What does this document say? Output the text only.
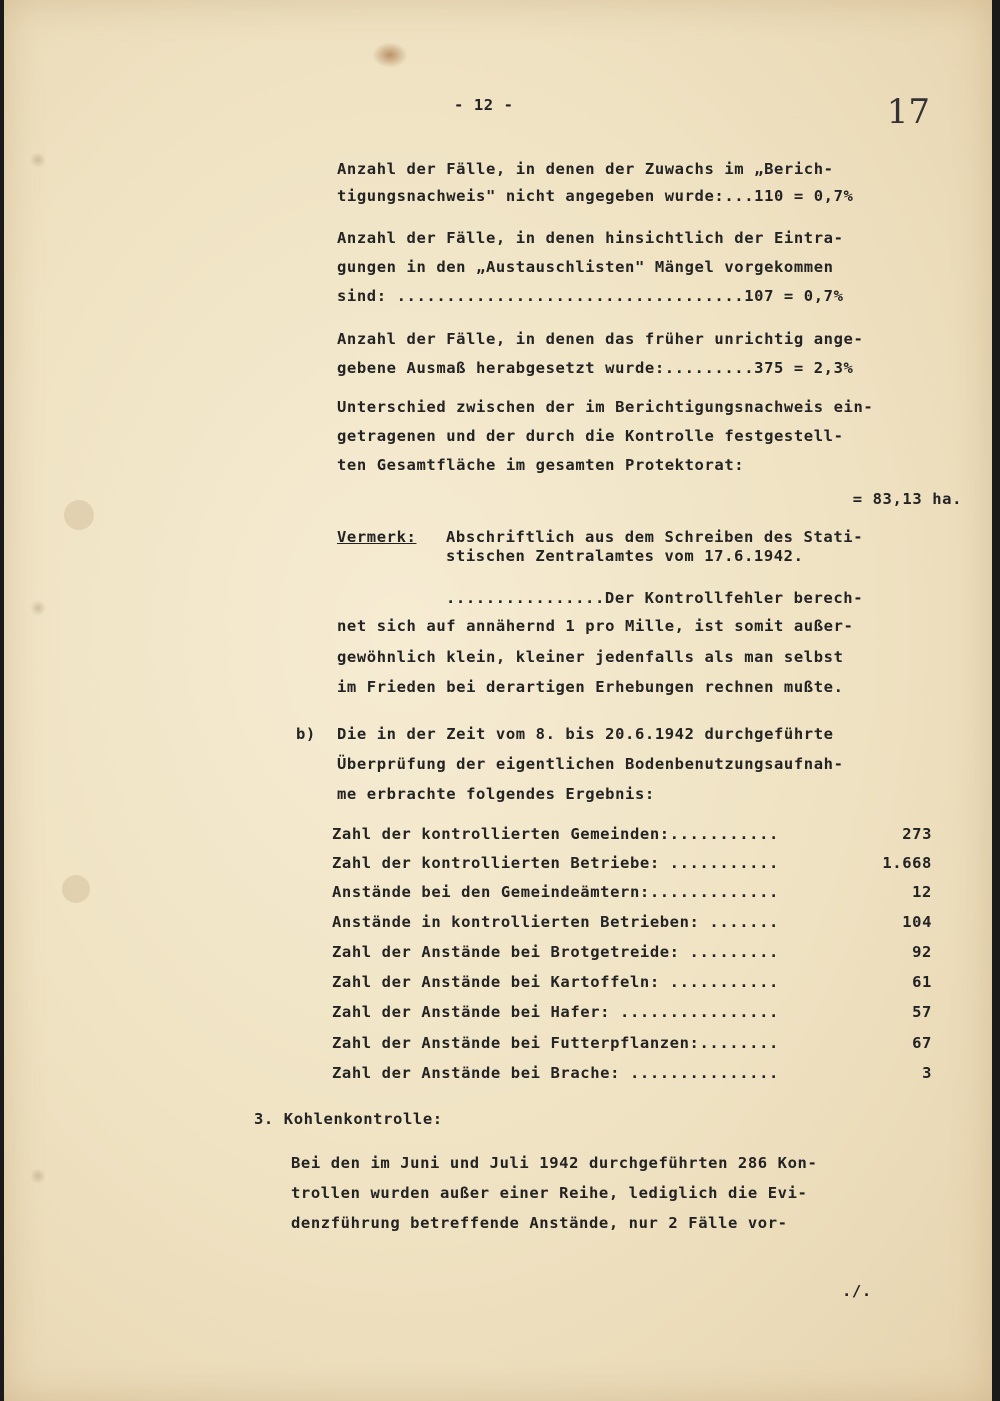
17

- 12 -

Anzahl der Fälle, in denen der Zuwachs im „Berich-

tigungsnachweis" nicht angegeben wurde:...110 = 0,7%

Anzahl der Fälle, in denen hinsichtlich der Eintra-

gungen in den „Austauschlisten" Mängel vorgekommen

sind: ...................................107 = 0,7%

Anzahl der Fälle, in denen das früher unrichtig ange-

gebene Ausmaß herabgesetzt wurde:.........375 = 2,3%

Unterschied zwischen der im Berichtigungsnachweis ein-

getragenen und der durch die Kontrolle festgestell-

ten Gesamtfläche im gesamten Protektorat:

= 83,13 ha.

Vermerk: Abschriftlich aus dem Schreiben des Stati-

stischen Zentralamtes vom 17.6.1942.

................Der Kontrollfehler berech-

net sich auf annähernd 1 pro Mille, ist somit außer-

gewöhnlich klein, kleiner jedenfalls als man selbst

im Frieden bei derartigen Erhebungen rechnen mußte.

b) Die in der Zeit vom 8. bis 20.6.1942 durchgeführte

Überprüfung der eigentlichen Bodenbenutzungsaufnah-

me erbrachte folgendes Ergebnis:

Zahl der kontrollierten Gemeinden:...........	273

Zahl der kontrollierten Betriebe: ...........	1.668

Anstände bei den Gemeindeämtern:.............	12

Anstände in kontrollierten Betrieben: .......	104

Zahl der Anstände bei Brotgetreide: .........	92

Zahl der Anstände bei Kartoffeln: ...........	61

Zahl der Anstände bei Hafer: ................	57

Zahl der Anstände bei Futterpflanzen:........	67

Zahl der Anstände bei Brache: ...............	3

3. Kohlenkontrolle:

Bei den im Juni und Juli 1942 durchgeführten 286 Kon-

trollen wurden außer einer Reihe, lediglich die Evi-

denzführung betreffende Anstände, nur 2 Fälle vor-

./.
